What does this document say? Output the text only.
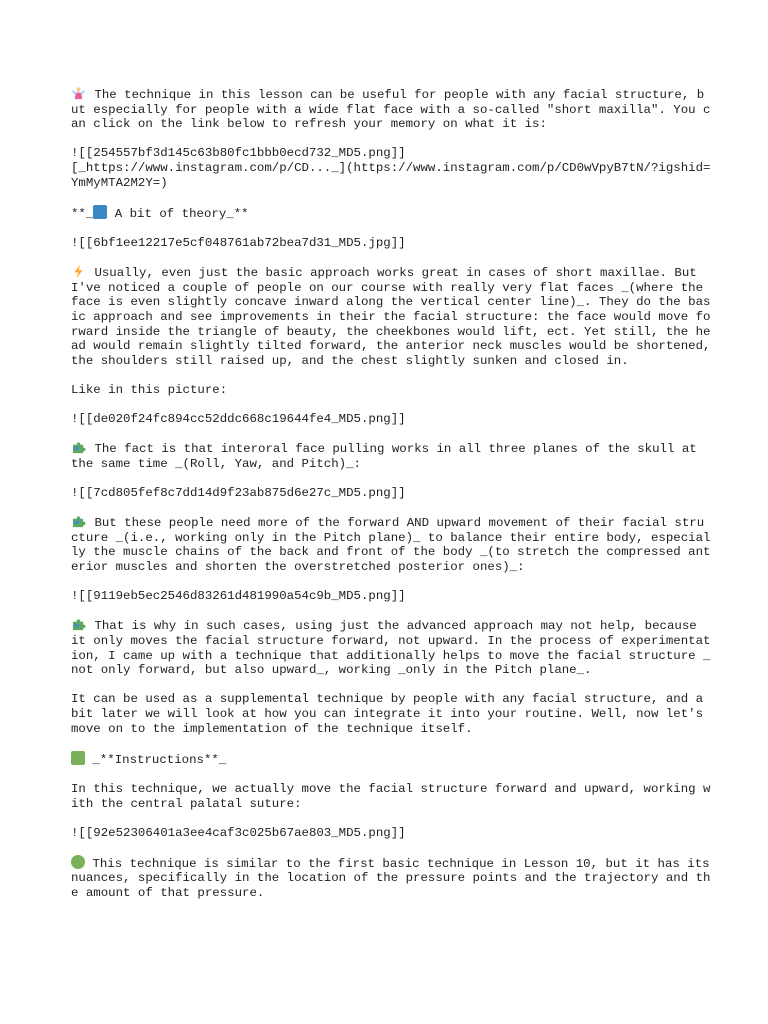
The technique in this lesson can be useful for people with any facial structure, but especially for people with a wide flat face with a so-called "short maxilla". You can click on the link below to refresh your memory on what it is:

![[254557bf3d145c63b80fc1bbb0ecd732_MD5.png]]
[_https://www.instagram.com/p/CD..._](https://www.instagram.com/p/CD0wVpyB7tN/?igshid=YmMyMTA2M2Y=)

**_ A bit of theory_**

![[6bf1ee12217e5cf048761ab72bea7d31_MD5.jpg]]

Usually, even just the basic approach works great in cases of short maxillae. But I've noticed a couple of people on our course with really very flat faces _(where the face is even slightly concave inward along the vertical center line)_. They do the basic approach and see improvements in their the facial structure: the face would move forward inside the triangle of beauty, the cheekbones would lift, ect. Yet still, the head would remain slightly tilted forward, the anterior neck muscles would be shortened, the shoulders still raised up, and the chest slightly sunken and closed in.

Like in this picture:

![[de020f24fc894cc52ddc668c19644fe4_MD5.png]]

The fact is that interoral face pulling works in all three planes of the skull at the same time _(Roll, Yaw, and Pitch)_:

![[7cd805fef8c7dd14d9f23ab875d6e27c_MD5.png]]

But these people need more of the forward AND upward movement of their facial structure _(i.e., working only in the Pitch plane)_ to balance their entire body, especially the muscle chains of the back and front of the body _(to stretch the compressed anterior muscles and shorten the overstretched posterior ones)_:

![[9119eb5ec2546d83261d481990a54c9b_MD5.png]]

That is why in such cases, using just the advanced approach may not help, because it only moves the facial structure forward, not upward. In the process of experimentation, I came up with a technique that additionally helps to move the facial structure _not only forward, but also upward_, working _only in the Pitch plane_.

It can be used as a supplemental technique by people with any facial structure, and a bit later we will look at how you can integrate it into your routine. Well, now let's move on to the implementation of the technique itself.

_**Instructions**_

In this technique, we actually move the facial structure forward and upward, working with the central palatal suture:

![[92e52306401a3ee4caf3c025b67ae803_MD5.png]]

This technique is similar to the first basic technique in Lesson 10, but it has its nuances, specifically in the location of the pressure points and the trajectory and the amount of that pressure.
